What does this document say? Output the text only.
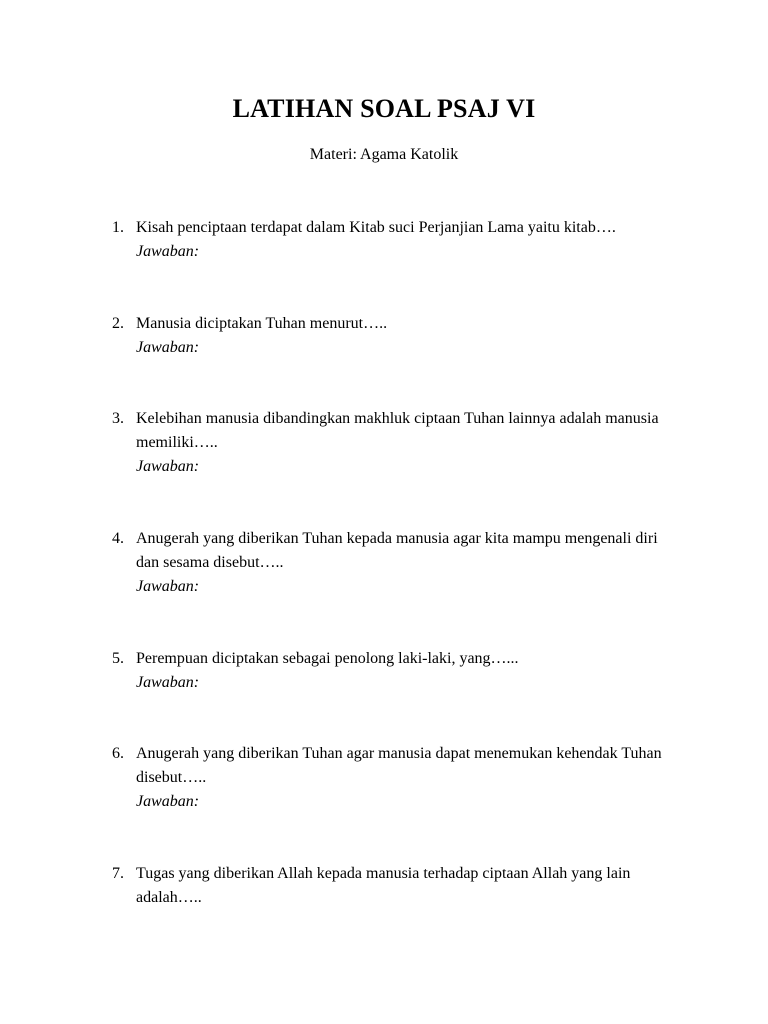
LATIHAN SOAL PSAJ VI
Materi: Agama Katolik
1. Kisah penciptaan terdapat dalam Kitab suci Perjanjian Lama yaitu kitab….
Jawaban:
2. Manusia diciptakan Tuhan menurut…..
Jawaban:
3. Kelebihan manusia dibandingkan makhluk ciptaan Tuhan lainnya adalah manusia memiliki…..
Jawaban:
4. Anugerah yang diberikan Tuhan kepada manusia agar kita mampu mengenali diri dan sesama disebut…..
Jawaban:
5. Perempuan diciptakan sebagai penolong laki-laki, yang…...
Jawaban:
6. Anugerah yang diberikan Tuhan agar manusia dapat menemukan kehendak Tuhan disebut…..
Jawaban:
7. Tugas yang diberikan Allah kepada manusia terhadap ciptaan Allah yang lain adalah…..
